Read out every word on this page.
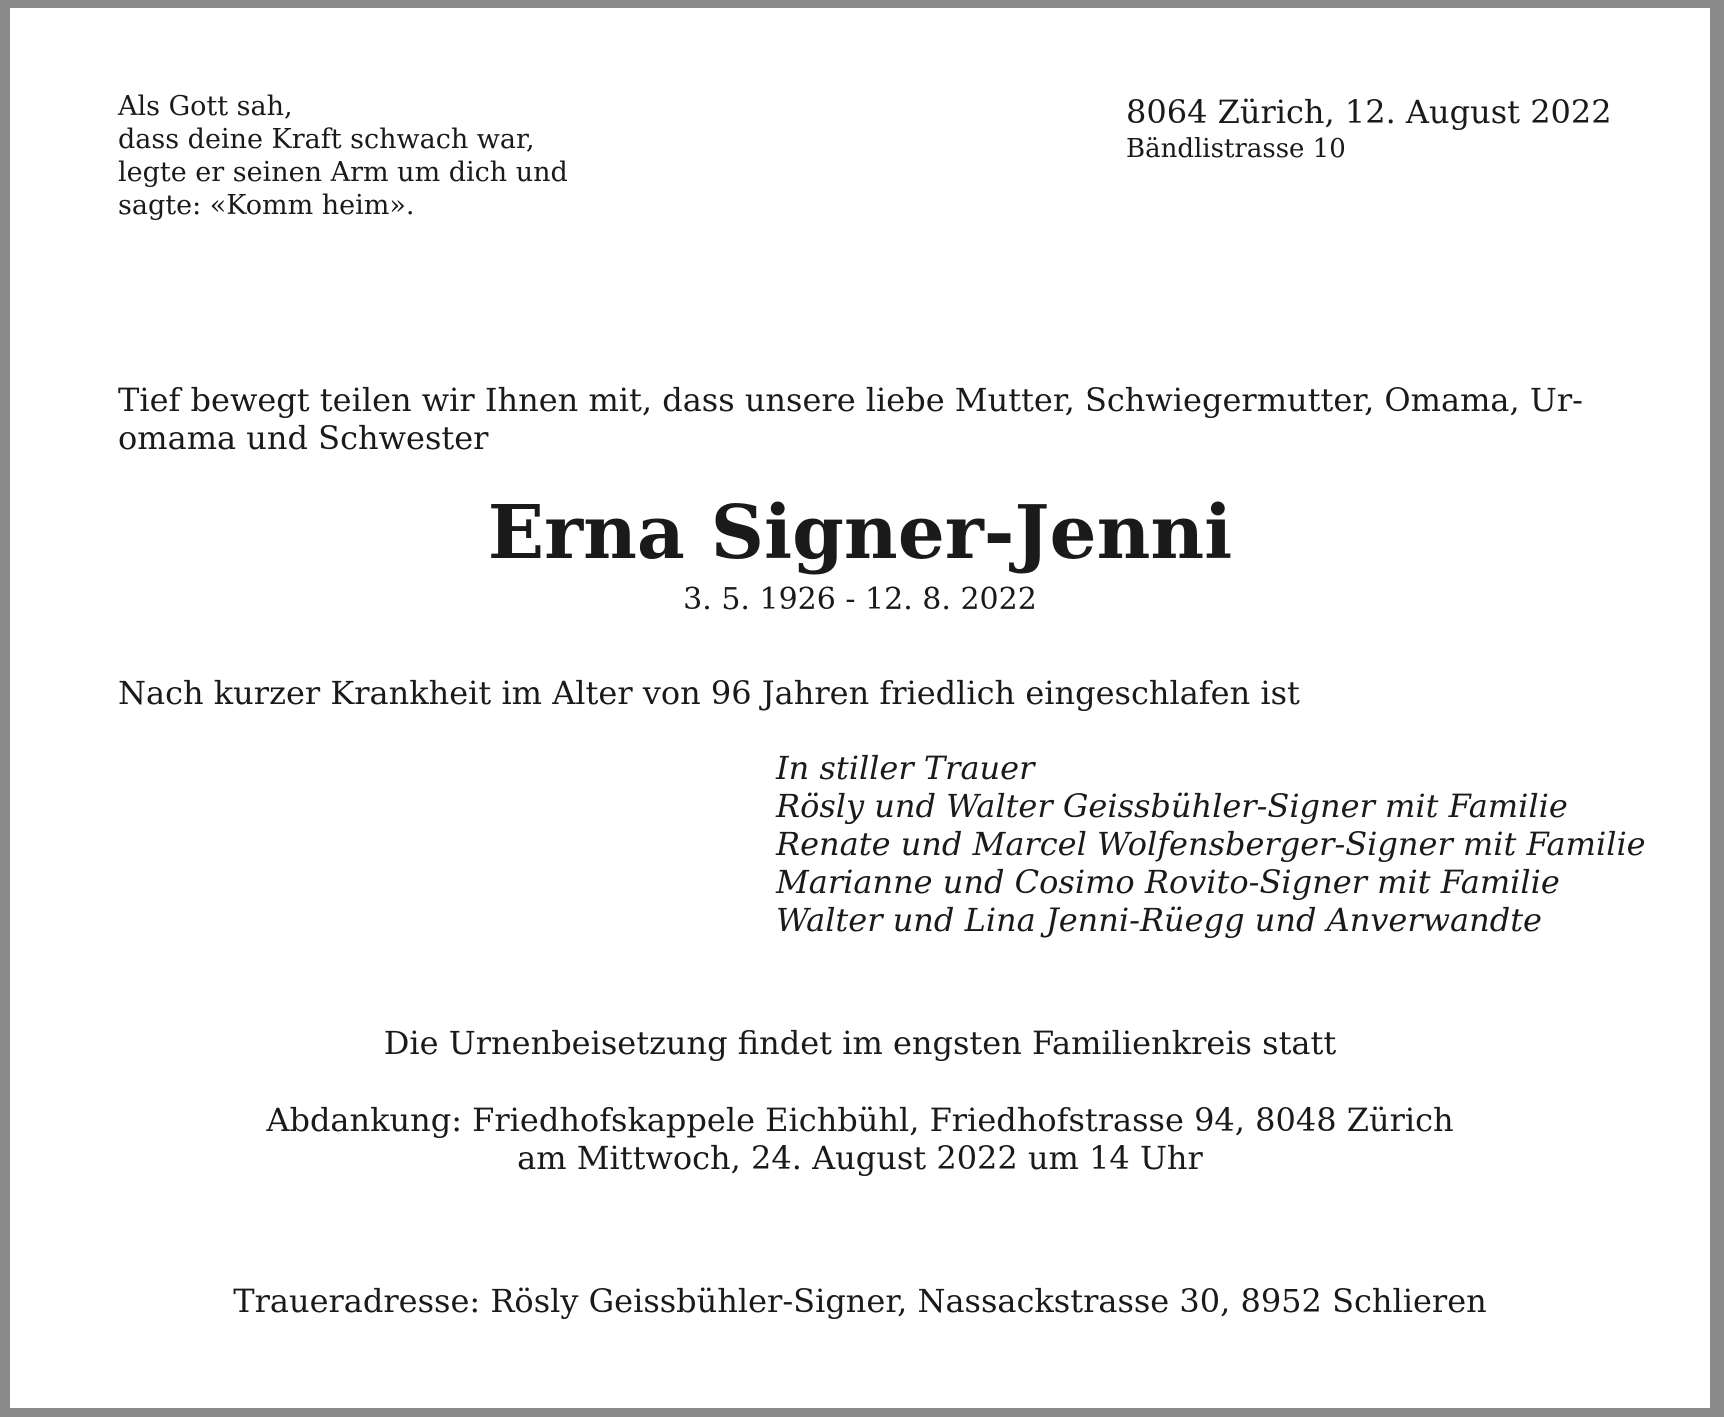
Als Gott sah,
dass deine Kraft schwach war,
legte er seinen Arm um dich und
sagte: «Komm heim».
8064 Zürich, 12. August 2022
Bändlistrasse 10
Tief bewegt teilen wir Ihnen mit, dass unsere liebe Mutter, Schwiegermutter, Omama, Ur-
omama und Schwester
Erna Signer-Jenni
3. 5. 1926 - 12. 8. 2022
Nach kurzer Krankheit im Alter von 96 Jahren friedlich eingeschlafen ist
In stiller Trauer
Rösly und Walter Geissbühler-Signer mit Familie
Renate und Marcel Wolfensberger-Signer mit Familie
Marianne und Cosimo Rovito-Signer mit Familie
Walter und Lina Jenni-Rüegg und Anverwandte
Die Urnenbeisetzung findet im engsten Familienkreis statt
Abdankung: Friedhofskappele Eichbühl, Friedhofstrasse 94, 8048 Zürich
am Mittwoch, 24. August 2022 um 14 Uhr
Traueradresse: Rösly Geissbühler-Signer, Nassackstrasse 30, 8952 Schlieren
